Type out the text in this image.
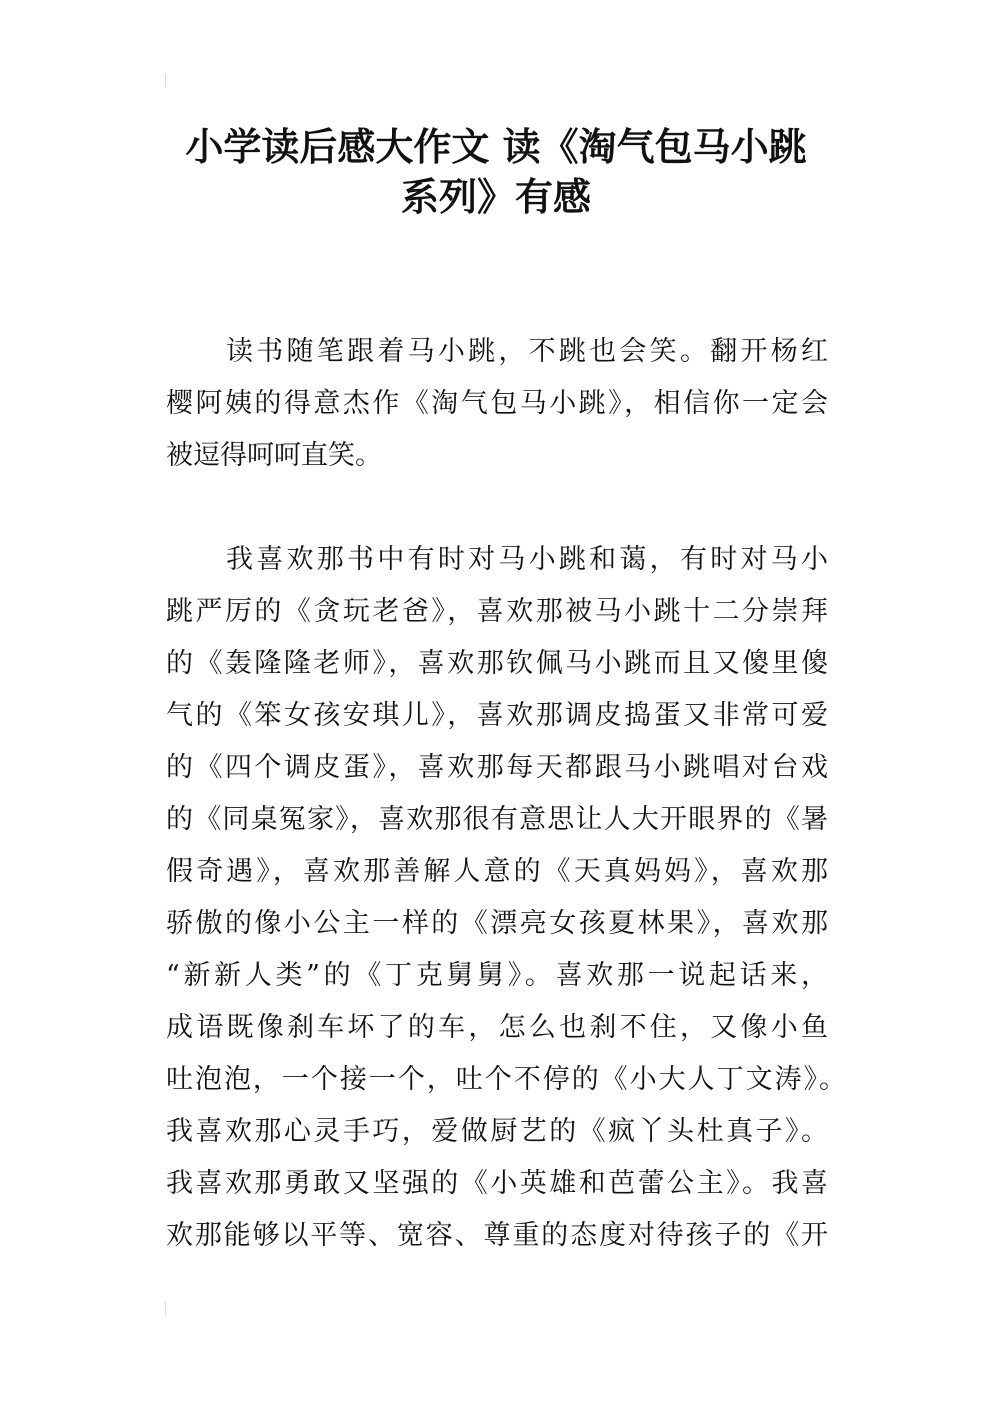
小学读后感大作文 读《淘气包马小跳
系列》有感
读书随笔跟着马小跳，不跳也会笑。翻开杨红
樱阿姨的得意杰作《淘气包马小跳》，相信你一定会
被逗得呵呵直笑。
我喜欢那书中有时对马小跳和蔼，有时对马小
跳严厉的《贪玩老爸》，喜欢那被马小跳十二分崇拜
的《轰隆隆老师》，喜欢那钦佩马小跳而且又傻里傻
气的《笨女孩安琪儿》，喜欢那调皮捣蛋又非常可爱
的《四个调皮蛋》，喜欢那每天都跟马小跳唱对台戏
的《同桌冤家》，喜欢那很有意思让人大开眼界的《暑
假奇遇》，喜欢那善解人意的《天真妈妈》，喜欢那
骄傲的像小公主一样的《漂亮女孩夏林果》，喜欢那
“新新人类”的《丁克舅舅》。喜欢那一说起话来，
成语既像刹车坏了的车，怎么也刹不住，又像小鱼
吐泡泡，一个接一个，吐个不停的《小大人丁文涛》。
我喜欢那心灵手巧，爱做厨艺的《疯丫头杜真子》。
我喜欢那勇敢又坚强的《小英雄和芭蕾公主》。我喜
欢那能够以平等、宽容、尊重的态度对待孩子的《开
